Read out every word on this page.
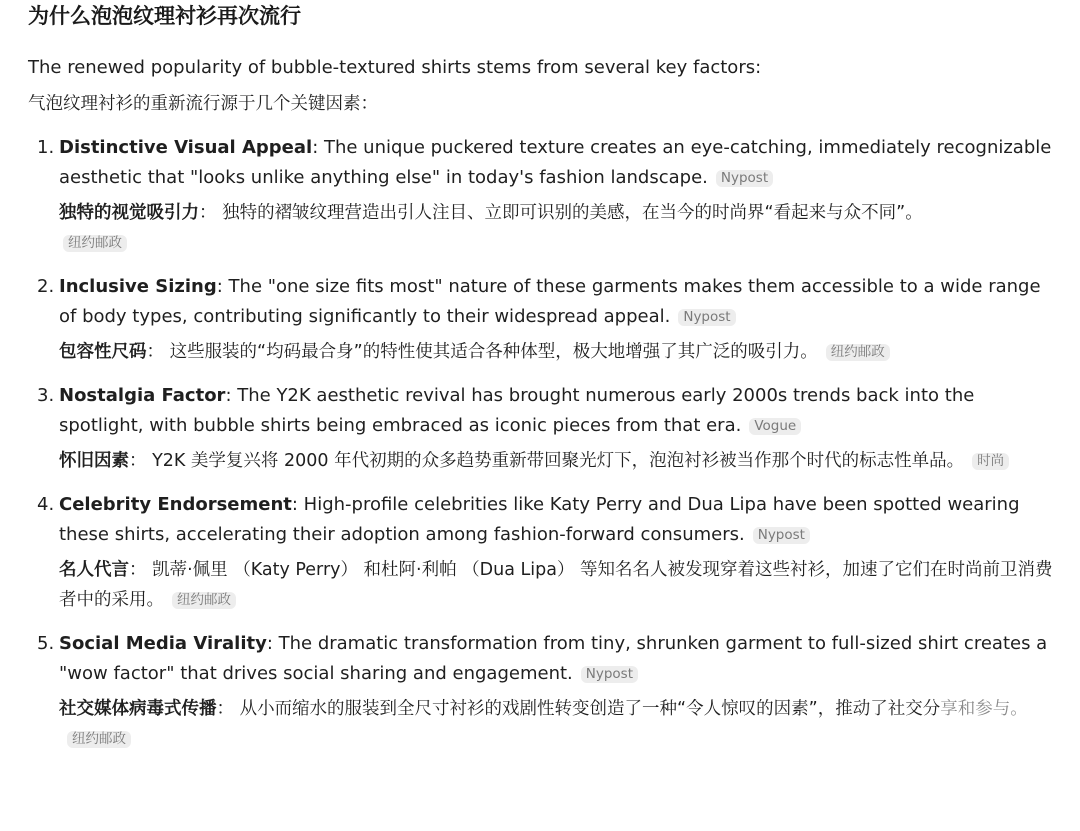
为什么泡泡纹理衬衫再次流行
The renewed popularity of bubble-textured shirts stems from several key factors:
气泡纹理衬衫的重新流行源于几个关键因素：
1. Distinctive Visual Appeal: The unique puckered texture creates an eye-catching, immediately recognizable aesthetic that "looks unlike anything else" in today's fashion landscape. Nypost
独特的视觉吸引力： 独特的褶皱纹理营造出引人注目、立即可识别的美感，在当今的时尚界“看起来与众不同”。
纽约邮政
2. Inclusive Sizing: The "one size fits most" nature of these garments makes them accessible to a wide range of body types, contributing significantly to their widespread appeal. Nypost
包容性尺码： 这些服装的“均码最合身”的特性使其适合各种体型，极大地增强了其广泛的吸引力。 纽约邮政
3. Nostalgia Factor: The Y2K aesthetic revival has brought numerous early 2000s trends back into the spotlight, with bubble shirts being embraced as iconic pieces from that era. Vogue
怀旧因素： Y2K 美学复兴将 2000 年代初期的众多趋势重新带回聚光灯下，泡泡衬衫被当作那个时代的标志性单品。 时尚
4. Celebrity Endorsement: High-profile celebrities like Katy Perry and Dua Lipa have been spotted wearing these shirts, accelerating their adoption among fashion-forward consumers. Nypost
名人代言： 凯蒂·佩里 （Katy Perry） 和杜阿·利帕 （Dua Lipa） 等知名名人被发现穿着这些衬衫，加速了它们在时尚前卫消费者中的采用。 纽约邮政
5. Social Media Virality: The dramatic transformation from tiny, shrunken garment to full-sized shirt creates a "wow factor" that drives social sharing and engagement. Nypost
社交媒体病毒式传播： 从小而缩水的服装到全尺寸衬衫的戏剧性转变创造了一种“令人惊叹的因素”，推动了社交分享和参与。纽约邮政
